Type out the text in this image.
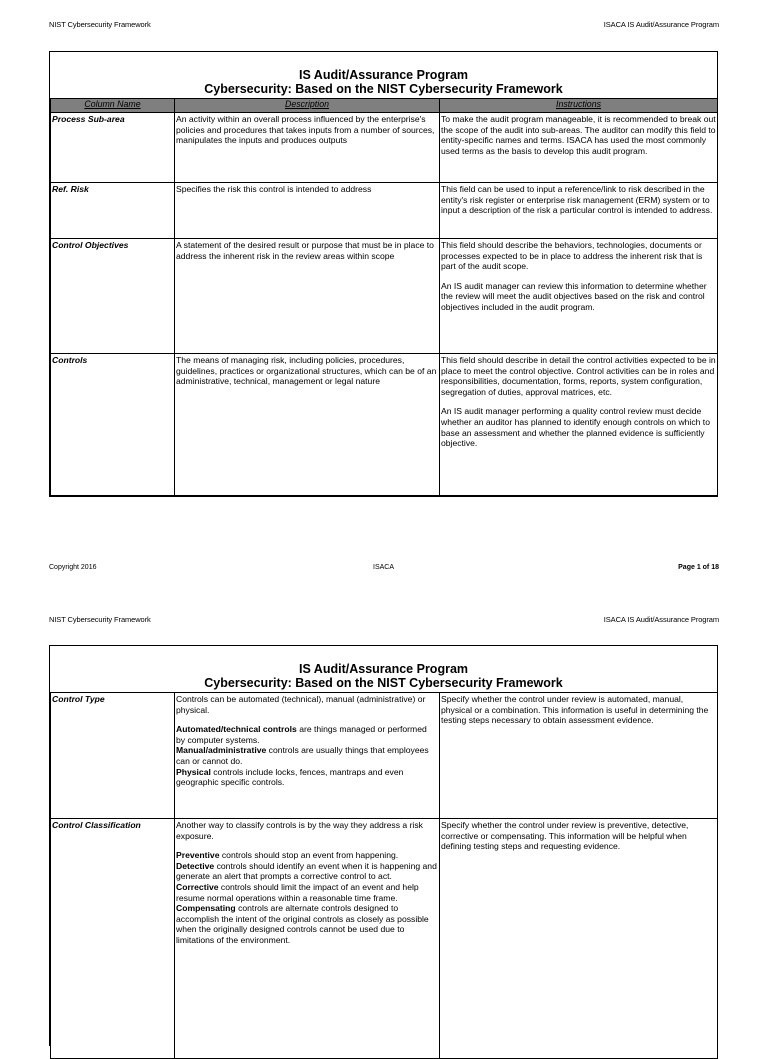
NIST Cybersecurity Framework	ISACA IS Audit/Assurance Program
IS Audit/Assurance Program
Cybersecurity: Based on the NIST Cybersecurity Framework
Column Name	Description	Instructions
Process Sub-area	An activity within an overall process influenced by the enterprise's policies and procedures that takes inputs from a number of sources, manipulates the inputs and produces outputs	To make the audit program manageable, it is recommended to break out the scope of the audit into sub-areas. The auditor can modify this field to entity-specific names and terms. ISACA has used the most commonly used terms as the basis to develop this audit program.

Ref. Risk	Specifies the risk this control is intended to address	This field can be used to input a reference/link to risk described in the entity's risk register or enterprise risk management (ERM) system or to input a description of the risk a particular control is intended to address.

Control Objectives	A statement of the desired result or purpose that must be in place to address the inherent risk in the review areas within scope	This field should describe the behaviors, technologies, documents or processes expected to be in place to address the inherent risk that is part of the audit scope.

An IS audit manager can review this information to determine whether the review will meet the audit objectives based on the risk and control objectives included in the audit program.

Controls	The means of managing risk, including policies, procedures, guidelines, practices or organizational structures, which can be of an administrative, technical, management or legal nature	This field should describe in detail the control activities expected to be in place to meet the control objective. Control activities can be in roles and responsibilities, documentation, forms, reports, system configuration, segregation of duties, approval matrices, etc.

An IS audit manager performing a quality control review must decide whether an auditor has planned to identify enough controls on which to base an assessment and whether the planned evidence is sufficiently objective.

Copyright 2016	ISACA	Page 1 of 18
NIST Cybersecurity Framework	ISACA IS Audit/Assurance Program
IS Audit/Assurance Program
Cybersecurity: Based on the NIST Cybersecurity Framework
Control Type	Controls can be automated (technical), manual (administrative) or physical.

Automated/technical controls are things managed or performed by computer systems.
Manual/administrative controls are usually things that employees can or cannot do.
Physical controls include locks, fences, mantraps and even geographic specific controls.	Specify whether the control under review is automated, manual, physical or a combination. This information is useful in determining the testing steps necessary to obtain assessment evidence.
Control Classification	Another way to classify controls is by the way they address a risk exposure.

Preventive controls should stop an event from happening.
Detective controls should identify an event when it is happening and generate an alert that prompts a corrective control to act.
Corrective controls should limit the impact of an event and help resume normal operations within a reasonable time frame.
Compensating controls are alternate controls designed to accomplish the intent of the original controls as closely as possible when the originally designed controls cannot be used due to limitations of the environment.	Specify whether the control under review is preventive, detective, corrective or compensating. This information will be helpful when defining testing steps and requesting evidence.
